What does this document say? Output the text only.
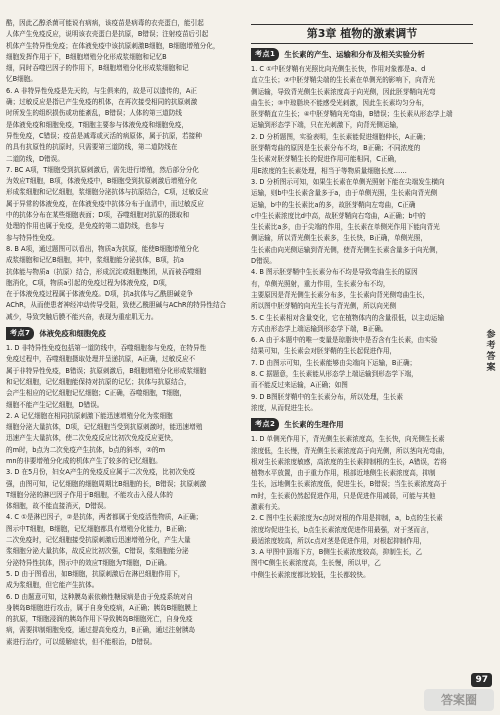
酷，因此乙醇杀菌可能说有病病，该疫苗是病毒的衣壳蛋白，能引起
人体产生免疫反应，说明该衣壳蛋白是抗原，B错误；注射疫苗后引起
机体产生特异性免疫；在体液免疫中该抗原刺激B细胞，B细胞增殖分化，
细胞发挥作用于下，B细胞增殖分化形成浆细胞和记忆B
细，同时吞噬巴因子的作用下，B细胞增殖分化形成浆细胞和记
忆B细胞。
6. A 非特异性免疫是先天的，与生俱来的，故是可以遗传的，A正
确；过敏反应是指已产生免疫的机体，在再次接受相同的抗原刺激
时所发生的组织损伤或功能紊乱，B错误；人体的第三道防线
是体液免疫和细胞免疫，T细胞主要参与体液免疫和细胞免疫，
异性免疫，C错误；疫苗是减毒或灭活的病原体，属于抗原，若接种
的具有抗原性的抗原时，只需要第三道防线，第二道防线在
二道防线，D错误。
7. BC A项，T细胞受到抗原刺激后，需先进行增殖，然后部分分化
为效应T细胞，B项，体液免疫中，B细胞受到抗原刺激后增殖分化
形成浆细胞和记忆细胞，浆细胞分泌抗体与抗原结合，C项，过敏反应
属于异常的体液免疫，在体液免疫中抗体分布于血清中，而过敏反应
中的抗体分布在某些细胞表面；D项，吞噬细胞对抗原的摄取和
处理的作用也属于免疫，是免疫的第二道防线，也参与
参与特异性免疫。
8. B A项，通过题图可以看出，物质a为抗原，能使B细胞增殖分化
成浆细胞和记忆B细胞，其中，浆细胞能分泌抗体，B项，抗a
抗体能与物质a（抗原）结合，形成沉淀或细胞集团，从而被吞噬细
胞消化，C项，物质a引起的免疫过程为体液免疫，D项，
在于体液免疫过程属于体液免疫。D项，抗a抗体与乙酰胆碱竞争
AChR，从而使患者神经冲动传导受阻，致使乙酰胆碱与AChR的特异性结合
减少，导致突触后膜不能兴奋，表现为重症肌无力。
考点7	体液免疫和细胞免疫
1. D 非特异性免疫包括第一道防线中，吞噬细胞参与免疫，在特异性
免疫过程中，吞噬细胞摄取处理并呈递抗原，A正确，过敏反应不
属于非特异性免疫，B错误；抗原刺激后，B细胞增殖分化形成浆细胞
和记忆细胞，记忆细胞能保持对抗原的记忆；抗体与抗原结合，
会产生相应的记忆细胞记忆细胞；C正确，吞噬细胞，T细胞，
细胞不能产生记忆细胞，D错误。
2. A 记忆细胞在相同抗原刺激下能迅速增殖分化为浆细胞
细胞分泌大量抗体，D项，记忆细胞当受到抗原刺激时，能迅速增殖
迅速产生大量抗体，使二次免疫反应比初次免疫反应更快，
的m时，b点为二次免疫产生抗体，b点的斜率，②的m
mn的非要增殖分化成的机体产生了较多的记忆细胞。
3. D 在5月份，妇女A产生的免疫反应属于二次免疫，比初次免疫
强，由图可知，记忆细胞的细胞周期比B细胞的长，B错误；抗原刺激
T细胞分泌的淋巴因子作用于B细胞，不能攻击入侵人体的
体细胞，故不能直接消灭，D错误。
4. C ①是淋巴因子，②是抗体，两者都属于免疫活性物质，A正确；
图示中T细胞，B细胞，记忆细胞都具有增殖分化能力，B正确；
二次免疫时，记忆细胞接受抗原刺激后迅速增殖分化，产生大量
浆细胞分泌大量抗体，故反应比初次强，C错误，浆细胞能分泌
分泌特异性抗体，图示中的效应T细胞为T细胞，D正确。
5. D 由于图看出，如B细胞，抗原刺激后在淋巴细胞作用下，
成为浆细胞，但它能产生抗体。
6. D 由题意可知，这种膜岛素依赖性糖尿病是由于免疫系统对自
身胰岛B细胞进行攻击，属于自身免疫病，A正确；胰岛B细胞膜上
的抗原，T细胞浸润的胰岛作用下导致胰岛B细胞死亡，自身免疫
病，需要抑制细胞免疫，通过提高免疫力，B正确，通过注射胰岛
素进行治疗，可以缓解症状，但不能根治，D错误。
第3章 植物的激素调节
考点1	生长素的产生、运输和分布及相关实验分析
1. C ①中胚芽鞘有光照比向光侧生长快，作用对象都是a、d
直立生长；②中胚芽鞘尖端的生长素在单侧光的影响下，向背光
侧运输，导致背光侧生长素浓度高于向光侧，因此胚芽鞘向光弯
曲生长；③中琼脂块不能感受光刺激，因此生长素均匀分布，
胚芽鞘直立生长；④中胚芽鞘向光弯曲，B错误；生长素从形态学上端
运输到形态学下端，只在光刺激下，向背光侧运输，
2. D 分析题图，实验表明，生长素能促进细胞伸长，A正确；
胚芽鞘弯曲的原因是生长素分布不均，B正确；不同浓度的
生长素对胚芽鞘生长的促进作用可能相同，C正确，
用E浓度的生长素处理，相当于等物质量细胞长度……
3. D 分析图示可知，如果生长素在单侧光照射下能在尖端发生横向
运输，则b中生长素含量多于a，由于单侧光照，生长素向背光侧
运输，b中的生长素比a的多，故胚芽鞘向左弯曲，C正确
c中生长素浓度比d中高，故胚芽鞘向右弯曲，A正确；b中的
生长素比a多，由于尖端的作用，生长素在单侧光作用下能向背光
侧运输，所以背光侧生长素多，生长快，B正确，单侧光照，
生长素由向光侧运输到背光侧，使背光侧生长素含量多于向光侧，
D错误。
4. B 图示胚芽鞘中生长素分布不均是导致弯曲生长的原因
有，单侧光照射，重力作用，生长素分布不均，
主要原因是背光侧生长素分布多，生长素向背光侧弯曲生长，
所以图中胚芽鞘的向光生长与背光侧，所以向光侧
5. C 生长素相对含量变化，它在植物体内的含量很低，以主动运输
方式由形态学上端运输到形态学下端，B正确。
6. A 由于本题中的唯一变量是琼脂块中是否含有生长素，由实验
结果可知，生长素会对胚芽鞘的生长起促进作用，
7. D 由图示可知，生长素能够由尖端向下运输，B正确；
8. C 据题意，生长素能从形态学上端运输到形态学下端，
而不能反过来运输，A正确；如图
9. D B图胚芽鞘中的生长素分布，所以处理，生长素
浓度，从而促进生长。
考点2	生长素的生理作用
1. D 单侧光作用下，背光侧生长素浓度高，生长快，向光侧生长素
浓度低，生长慢，背光侧生长素浓度高于向光侧，所以茎向光弯曲，
根对生长素浓度敏感，高浓度的生长素抑制根的生长，A错误，若将
植物水平放置，由于重力作用，根部近地侧生长素浓度高，抑制
生长，远地侧生长素浓度低，促进生长，B错误；当生长素浓度高于
m时，生长素仍然起促进作用，只是促进作用减弱，可能与其他
激素有关。
2. C 图中生长素浓度为c点时对根的作用是抑制，a，b点的生长素
浓度均促进生长，b点生长素浓度促进作用最强，对于茎而言，
最适浓度较高，所以c点对茎是促进作用，对根起抑制作用，
3. A 甲图中顶端下方，B侧生长素浓度较高，抑制生长，乙
图中C侧生长素浓度高，生长慢，所以甲，乙
中侧生长素浓度都比较低，生长都较快。
参考答案
97
答案圈
